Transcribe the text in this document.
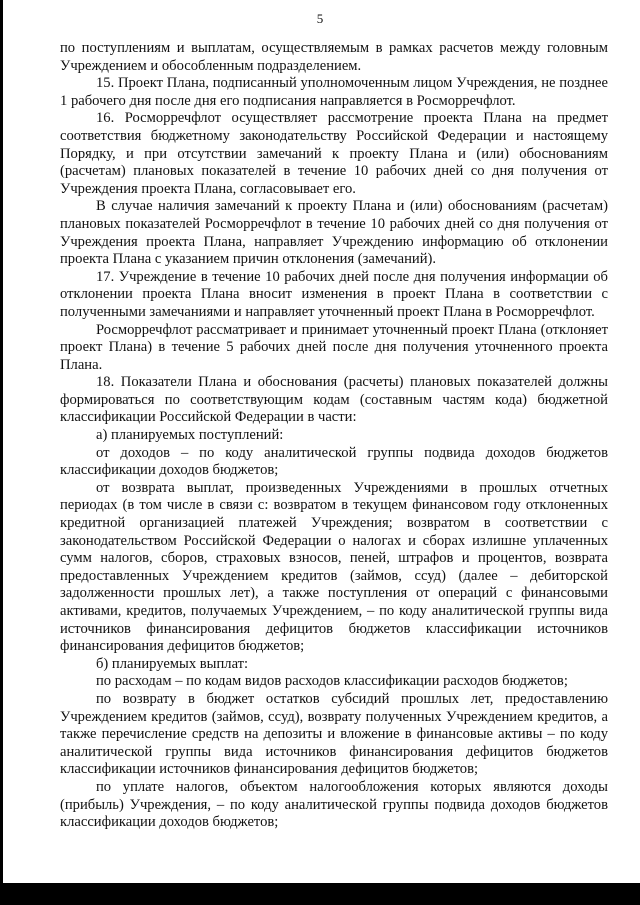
5

по поступлениям и выплатам, осуществляемым в рамках расчетов между головным Учреждением и обособленным подразделением.

15. Проект Плана, подписанный уполномоченным лицом Учреждения, не позднее 1 рабочего дня после дня его подписания направляется в Росморречфлот.

16. Росморречфлот осуществляет рассмотрение проекта Плана на предмет соответствия бюджетному законодательству Российской Федерации и настоящему Порядку, и при отсутствии замечаний к проекту Плана и (или) обоснованиям (расчетам) плановых показателей в течение 10 рабочих дней со дня получения от Учреждения проекта Плана, согласовывает его.

В случае наличия замечаний к проекту Плана и (или) обоснованиям (расчетам) плановых показателей Росморречфлот в течение 10 рабочих дней со дня получения от Учреждения проекта Плана, направляет Учреждению информацию об отклонении проекта Плана с указанием причин отклонения (замечаний).

17. Учреждение в течение 10 рабочих дней после дня получения информации об отклонении проекта Плана вносит изменения в проект Плана в соответствии с полученными замечаниями и направляет уточненный проект Плана в Росморречфлот.

Росморречфлот рассматривает и принимает уточненный проект Плана (отклоняет проект Плана) в течение 5 рабочих дней после дня получения уточненного проекта Плана.

18. Показатели Плана и обоснования (расчеты) плановых показателей должны формироваться по соответствующим кодам (составным частям кода) бюджетной классификации Российской Федерации в части:

а) планируемых поступлений:

от доходов – по коду аналитической группы подвида доходов бюджетов классификации доходов бюджетов;

от возврата выплат, произведенных Учреждениями в прошлых отчетных периодах (в том числе в связи с: возвратом в текущем финансовом году отклоненных кредитной организацией платежей Учреждения; возвратом в соответствии с законодательством Российской Федерации о налогах и сборах излишне уплаченных сумм налогов, сборов, страховых взносов, пеней, штрафов и процентов, возврата предоставленных Учреждением кредитов (займов, ссуд) (далее – дебиторской задолженности прошлых лет), а также поступления от операций с финансовыми активами, кредитов, получаемых Учреждением, – по коду аналитической группы вида источников финансирования дефицитов бюджетов классификации источников финансирования дефицитов бюджетов;

б) планируемых выплат:

по расходам – по кодам видов расходов классификации расходов бюджетов;

по возврату в бюджет остатков субсидий прошлых лет, предоставлению Учреждением кредитов (займов, ссуд), возврату полученных Учреждением кредитов, а также перечисление средств на депозиты и вложение в финансовые активы – по коду аналитической группы вида источников финансирования дефицитов бюджетов классификации источников финансирования дефицитов бюджетов;

по уплате налогов, объектом налогообложения которых являются доходы (прибыль) Учреждения, – по коду аналитической группы подвида доходов бюджетов классификации доходов бюджетов;
